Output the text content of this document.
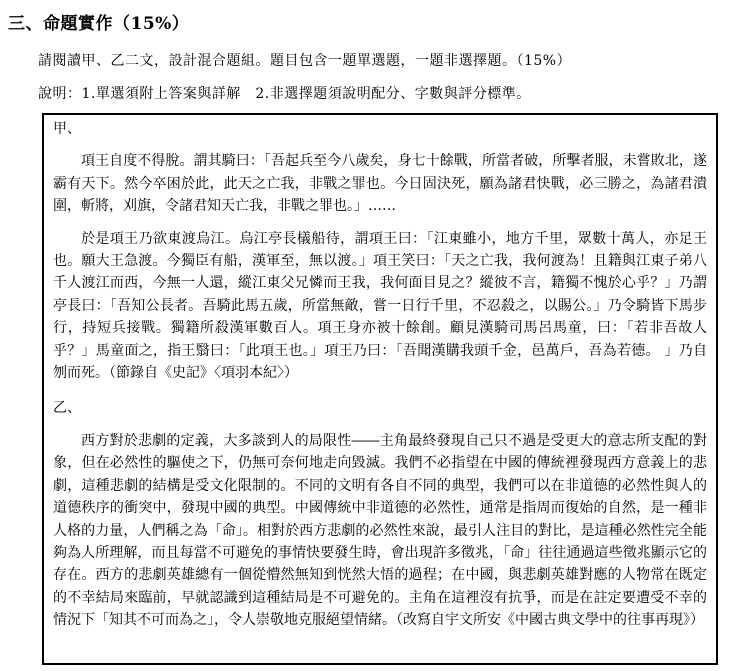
三、命題實作（15%）

請閱讀甲、乙二文，設計混合題組。題目包含一題單選題，一題非選擇題。（15%）

說明：1.單選須附上答案與詳解　2.非選擇題須說明配分、字數與評分標準。

甲、

項王自度不得脫。謂其騎曰：「吾起兵至今八歲矣，身七十餘戰，所當者破，所擊者服，未嘗敗北，遂霸有天下。然今卒困於此，此天之亡我，非戰之罪也。今日固決死，願為諸君快戰，必三勝之，為諸君潰圍，斬將，刈旗，令諸君知天亡我，非戰之罪也。」……

於是項王乃欲東渡烏江。烏江亭長檥船待，謂項王曰：「江東雖小，地方千里，眾數十萬人，亦足王也。願大王急渡。今獨臣有船，漢軍至，無以渡。」項王笑曰：「天之亡我，我何渡為！且籍與江東子弟八千人渡江而西，今無一人還，縱江東父兄憐而王我，我何面目見之？縱彼不言，籍獨不愧於心乎？」乃謂亭長曰：「吾知公長者。吾騎此馬五歲，所當無敵，嘗一日行千里，不忍殺之，以賜公。」乃令騎皆下馬步行，持短兵接戰。獨籍所殺漢軍數百人。項王身亦被十餘創。顧見漢騎司馬呂馬童，曰：「若非吾故人乎？」馬童面之，指王翳曰：「此項王也。」項王乃曰：「吾聞漢購我頭千金，邑萬戶，吾為若德。 」乃自刎而死。（節錄自《史記》〈項羽本紀〉）

乙、

西方對於悲劇的定義，大多談到人的局限性――主角最終發現自己只不過是受更大的意志所支配的對象，但在必然性的驅使之下，仍無可奈何地走向毀滅。我們不必指望在中國的傳統裡發現西方意義上的悲劇，這種悲劇的結構是受文化限制的。不同的文明有各自不同的典型，我們可以在非道德的必然性與人的道德秩序的衝突中，發現中國的典型。中國傳統中非道德的必然性，通常是指周而復始的自然，是一種非人格的力量，人們稱之為「命」。相對於西方悲劇的必然性來說，最引人注目的對比，是這種必然性完全能夠為人所理解，而且每當不可避免的事情快要發生時，會出現許多徵兆，「命」往往通過這些徵兆顯示它的存在。西方的悲劇英雄總有一個從懵然無知到恍然大悟的過程；在中國，與悲劇英雄對應的人物常在既定的不幸結局來臨前，早就認識到這種結局是不可避免的。主角在這裡沒有抗爭，而是在註定要遭受不幸的情況下「知其不可而為之」，令人崇敬地克服絕望情緒。（改寫自宇文所安《中國古典文學中的往事再現》）
